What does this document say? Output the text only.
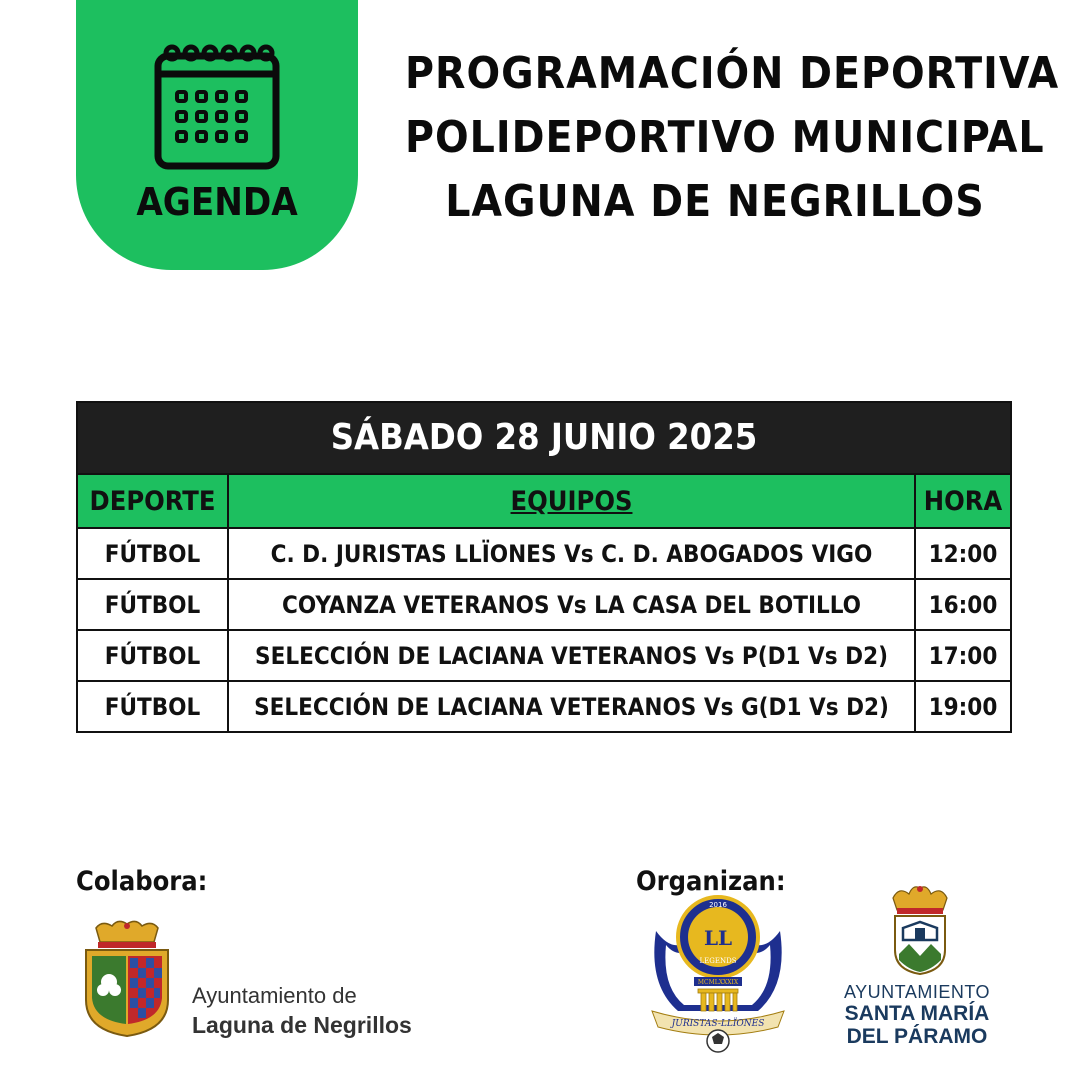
AGENDA
PROGRAMACIÓN DEPORTIVA
POLIDEPORTIVO MUNICIPAL
LAGUNA DE NEGRILLOS
SÁBADO 28 JUNIO 2025
DEPORTE	EQUIPOS	HORA
FÚTBOL	C. D. JURISTAS LLÏONES Vs C. D. ABOGADOS VIGO	12:00
FÚTBOL	COYANZA VETERANOS Vs LA CASA DEL BOTILLO	16:00
FÚTBOL	SELECCIÓN DE LACIANA VETERANOS Vs P(D1 Vs D2)	17:00
FÚTBOL	SELECCIÓN DE LACIANA VETERANOS Vs G(D1 Vs D2)	19:00
Colabora:	Organizan:
Ayuntamiento de
Laguna de Negrillos
2016
LL
LEGENDS
MCMLXXXIX
JURISTAS-LLÏONES
AYUNTAMIENTO
SANTA MARÍA
DEL PÁRAMO
